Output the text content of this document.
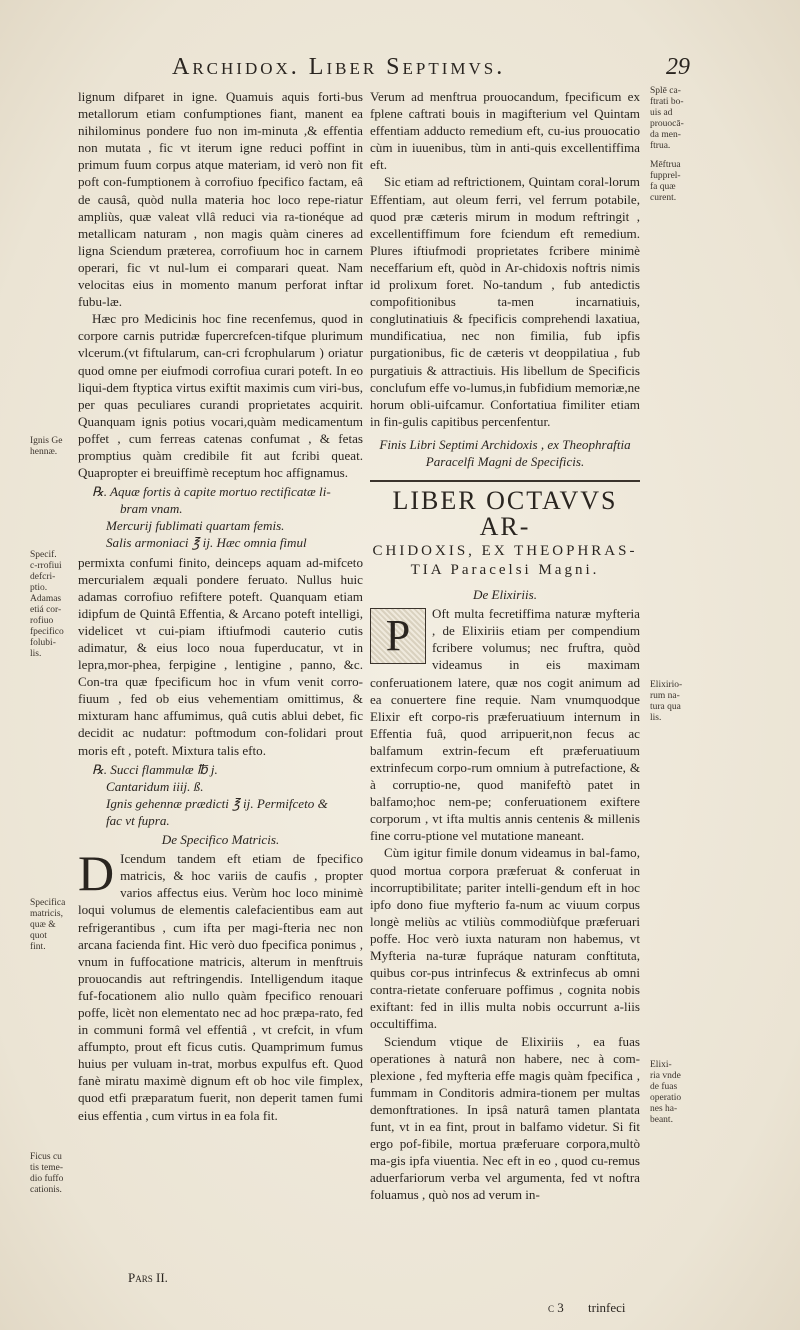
Archidox. Liber Septimvs.	29

lignum difparet in igne. Quamuis aquis forti-bus metallorum etiam confumptiones fiant, manent ea nihilominus pondere fuo non im-minuta ,& effentia non mutata , fic vt iterum igne reduci poffint in primum fuum corpus atque materiam, id verò non fit poft con-fumptionem à corrofiuo fpecifico factam, eâ de causâ, quòd nulla materia hoc loco repe-riatur ampliùs, quæ valeat vllâ reduci via ra-tionéque ad metallicam naturam , non magis quàm cineres ad ligna Sciendum præterea, corrofiuum hoc in carnem operari, fic vt nul-lum ei comparari queat. Nam velocitas eius in momento manum perforat inftar fubu-læ.

Hæc pro Medicinis hoc fine recenfemus, quod in corpore carnis putridæ fupercrefcen-tifque plurimum vlcerum.(vt fiftularum, can-cri fcrophularum ) oriatur quod omne per eiufmodi corrofiua curari poteft. In eo liqui-dem ftyptica virtus exiftit maximis cum viri-bus, per quas peculiares curandi proprietates acquirit. Quanquam ignis potius vocari,quàm medicamentum poffet , cum ferreas catenas confumat , & fetas promptius quàm credibile fit aut fcribi queat. Quapropter ei breuiffimè receptum hoc affignamus.

℞. Aquæ fortis à capite mortuo rectificatæ li-
bram vnam.
Mercurij fublimati quartam femis.
Salis armoniaci ℥ ij. Hæc omnia fimul

permixta confumi finito, deinceps aquam ad-mifceto mercurialem æquali pondere feruato. Nullus huic adamas corrofiuo refiftere poteft. Quanquam etiam idipfum de Quintâ Effentia, & Arcano poteft intelligi, videlicet vt cui-piam iftiufmodi cauterio cutis adimatur, & eius loco noua fuperducatur, vt in lepra,mor-phea, ferpigine , lentigine , panno, &c. Con-tra quæ fpecificum hoc in vfum venit corro-fiuum , fed ob eius vehementiam omittimus, & mixturam hanc affumimus, quâ cutis ablui debet, fic decidit ac nudatur: poftmodum con-folidari prout moris eft , poteft. Mixtura talis efto.

℞. Succi flammulæ ℔ j.
Cantaridum iiij. ß.
Ignis gehennæ prædicti ℥ ij. Permifceto &
fac vt fupra.
De Specifico Matricis.

D Icendum tandem eft etiam de fpecifico matricis, & hoc variis de caufis , propter varios affectus eius. Verùm hoc loco minimè loqui volumus de elementis calefacientibus eam aut refrigerantibus , cum ifta per magi-fteria nec non arcana facienda fint. Hic verò duo fpecifica ponimus , vnum in fuffocatione matricis, alterum in menftruis prouocandis aut reftringendis. Intelligendum itaque fuf-focationem alio nullo quàm fpecifico renouari poffe, licèt non elementato nec ad hoc præpa-rato, fed in communi formâ vel effentiâ , vt crefcit, in vfum affumpto, prout eft ficus cutis. Quamprimum fumus huius per vuluam in-trat, morbus expulfus eft. Quod fanè miratu maximè dignum eft ob hoc vile fimplex, quod etfi præparatum fuerit, non deperit tamen fumi eius effentia , cum virtus in ea fola fit.

Verum ad menftrua prouocandum, fpecificum ex fplene caftrati bouis in magifterium vel Quintam effentiam adducto remedium eft, cu-ius prouocatio cùm in iuuenibus, tùm in anti-quis excellentiffima eft.

Sic etiam ad reftrictionem, Quintam coral-lorum Effentiam, aut oleum ferri, vel ferrum potabile, quod præ cæteris mirum in modum reftringit , excellentiffimum fore fciendum eft remedium. Plures iftiufmodi proprietates fcribere minimè neceffarium eft, quòd in Ar-chidoxis noftris nimis id prolixum foret. No-tandum , fub antedictis compofitionibus ta-men incarnatiuis, conglutinatiuis & fpecificis comprehendi laxatiua, mundificatiua, nec non fimilia, fub ipfis purgationibus, fic de cæteris vt deoppilatiua , fub purgatiuis & attractiuis. His libellum de Specificis conclufum effe vo-lumus,in fubfidium memoriæ,ne horum obli-uifcamur. Confortatiua fimiliter etiam in fin-gulis capitibus percenfentur.

Finis Libri Septimi Archidoxis , ex Theophraftia
Paracelfi Magni de Specificis.
LIBER OCTAVVS AR-
CHIDOXIS, EX THEOPHRAS-
TIA Paracelsi Magni.
De Elixiriis.

P	Oft multa fecretiffima naturæ myfteria , de Elixiriis etiam per compendium fcribere volumus; nec fruftra, quòd videamus in eis maximam conferuationem latere, quæ nos cogit animum ad ea conuertere fine requie. Nam vnumquodque Elixir eft corpo-ris præferuatiuum internum in Effentia fuâ, quod arripuerit,non fecus ac balfamum extrin-fecum eft præferuatiuum extrinfecum corpo-rum omnium à putrefactione, & à corruptio-ne, quod manifeftò patet in balfamo;hoc nem-pe; conferuationem exiftere corporum , vt ifta multis annis centenis & millenis fine corru-ptione vel mutatione maneant.

Cùm igitur fimile donum videamus in bal-famo, quod mortua corpora præferuat & conferuat in incorruptibilitate; pariter intelli-gendum eft in hoc ipfo dono fiue myfterio fa-num ac viuum corpus longè meliùs ac vtiliùs commodiùfque præferuari poffe. Hoc verò iuxta naturam non habemus, vt Myfteria na-turæ fupráque naturam conftituta, quibus cor-pus intrinfecus & extrinfecus ab omni contra-rietate conferuare poffimus , cognita nobis exiftant: fed in illis multa nobis occurrunt a-liis occultiffima.

Sciendum vtique de Elixiriis , ea fuas operationes à naturâ non habere, nec à com-plexione , fed myfteria effe magis quàm fpecifica , fummam in Conditoris admira-tionem per multas demonftrationes. In ipsâ naturâ tamen plantata funt, vt in ea fint, prout in balfamo videtur. Si fit ergo pof-fibile, mortua præferuare corpora,multò ma-gis ipfa viuentia. Nec eft in eo , quod cu-remus aduerfariorum verba vel argumenta, fed vt noftra foluamus , quò nos ad verum in-

Pars II.
c 3 trinfeci
Ignis Ge
hennæ.
Specif.
c-rrofiui
defcri-
ptio.
Adamas
etiá cor-
rofiuo
fpecifico
folubi-
lis.
Specifica
matricis,
quæ &
quot
fint.
Ficus cu
tis teme-
dio fuffo
cationis.
Splē ca-
ftrati bo-
uis ad
prouocā-
da men-
ftrua.
Mēftrua
fupprel-
fa quæ
curent.
Elixirio-
rum na-
tura qua
lis.
Elixi-
ria vnde
de fuas
operatio
nes ha-
beant.
